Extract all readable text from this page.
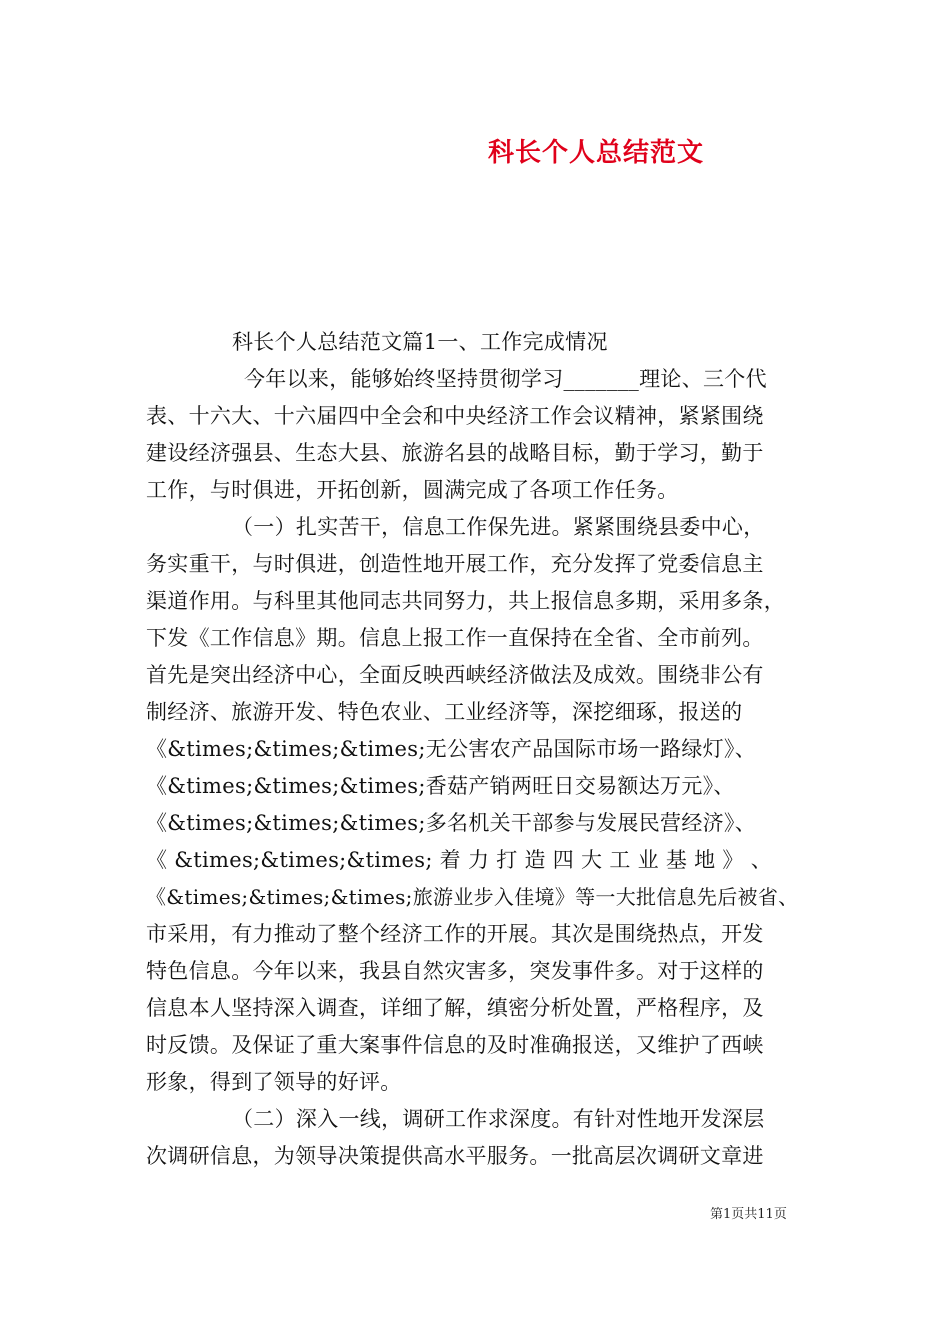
科长个人总结范文
科长个人总结范文篇1一、工作完成情况
今年以来，能够始终坚持贯彻学习_______理论、三个代
表、十六大、十六届四中全会和中央经济工作会议精神，紧紧围绕
建设经济强县、生态大县、旅游名县的战略目标，勤于学习，勤于
工作，与时俱进，开拓创新，圆满完成了各项工作任务。
（一）扎实苦干，信息工作保先进。紧紧围绕县委中心，
务实重干，与时俱进，创造性地开展工作，充分发挥了党委信息主
渠道作用。与科里其他同志共同努力，共上报信息多期，采用多条，
下发《工作信息》期。信息上报工作一直保持在全省、全市前列。
首先是突出经济中心，全面反映西峡经济做法及成效。围绕非公有
制经济、旅游开发、特色农业、工业经济等，深挖细琢，报送的
《&times;&times;&times;无公害农产品国际市场一路绿灯》、
《&times;&times;&times;香菇产销两旺日交易额达万元》、
《&times;&times;&times;多名机关干部参与发展民营经济》、
《 &times;&times;&times; 着 力 打 造 四 大 工 业 基 地 》 、
《&times;&times;&times;旅游业步入佳境》等一大批信息先后被省、
市采用，有力推动了整个经济工作的开展。其次是围绕热点，开发
特色信息。今年以来，我县自然灾害多，突发事件多。对于这样的
信息本人坚持深入调查，详细了解，缜密分析处置，严格程序，及
时反馈。及保证了重大案事件信息的及时准确报送，又维护了西峡
形象，得到了领导的好评。
（二）深入一线，调研工作求深度。有针对性地开发深层
次调研信息，为领导决策提供高水平服务。一批高层次调研文章进
第1页共11页
